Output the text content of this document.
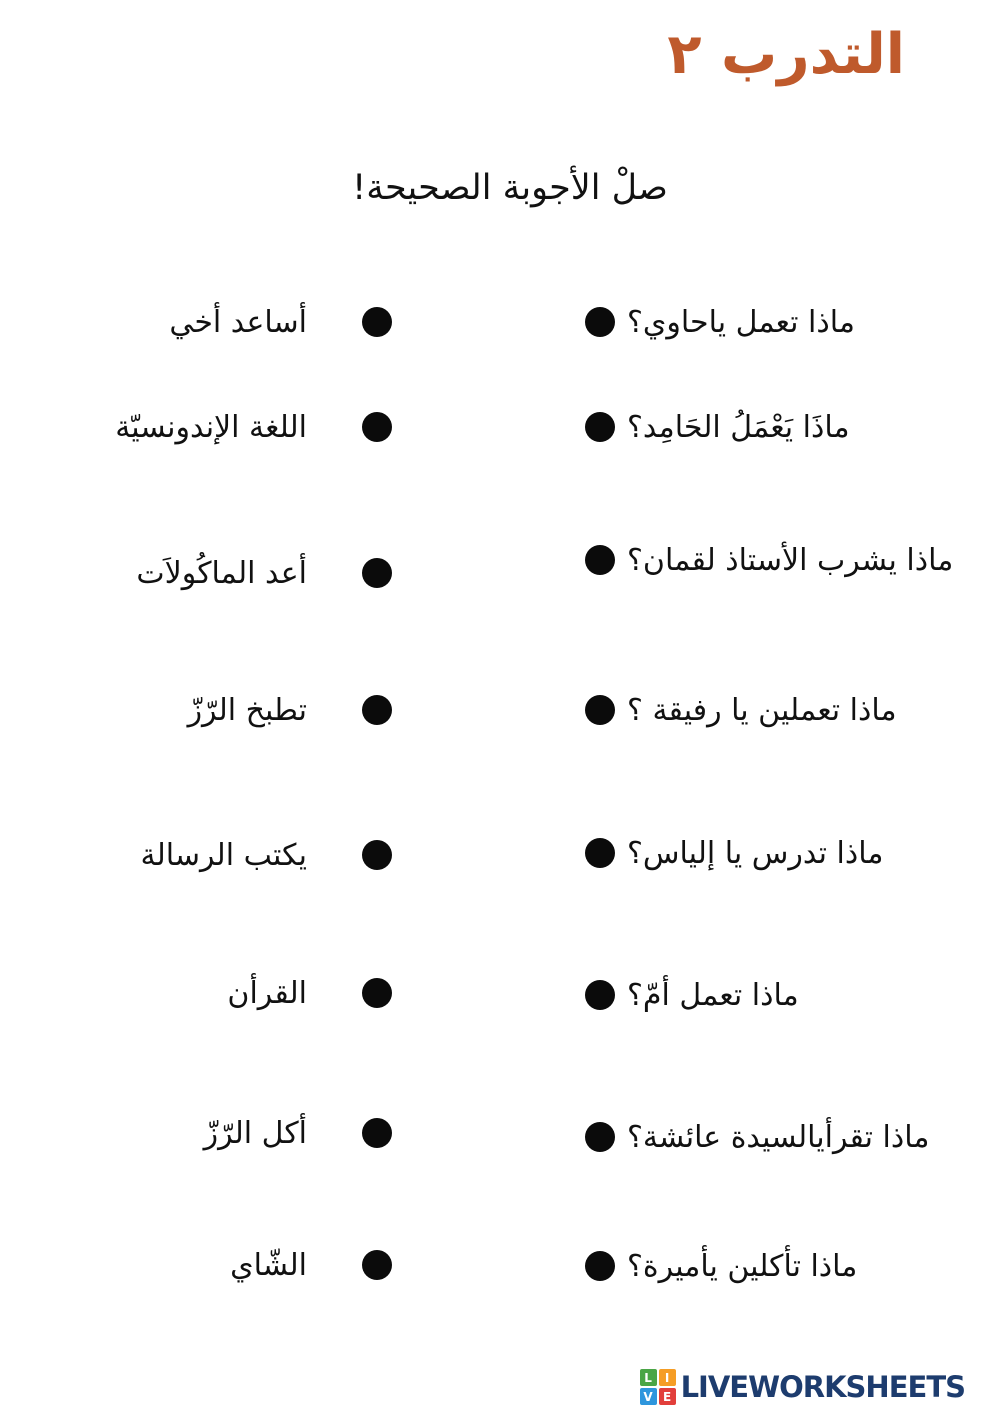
التدرب ٢
صلْ الأجوبة الصحيحة!
ماذا تعمل ياحاوي؟
ماذَا يَعْمَلُ الحَامِد؟
ماذا يشرب الأستاذ لقمان؟
ماذا تعملين يا رفيقة ؟
ماذا تدرس يا إلياس؟
ماذا تعمل أمّ؟
ماذا تقرأيالسيدة عائشة؟
ماذا تأكلين يأميرة؟
أساعد أخي
اللغة الإندونسيّة
أعد الماكُولاَت
تطبخ الرّزّ
يكتب الرسالة
القرأن
أكل الرّزّ
الشّاي
L	I
V E LIVEWORKSHEETS
